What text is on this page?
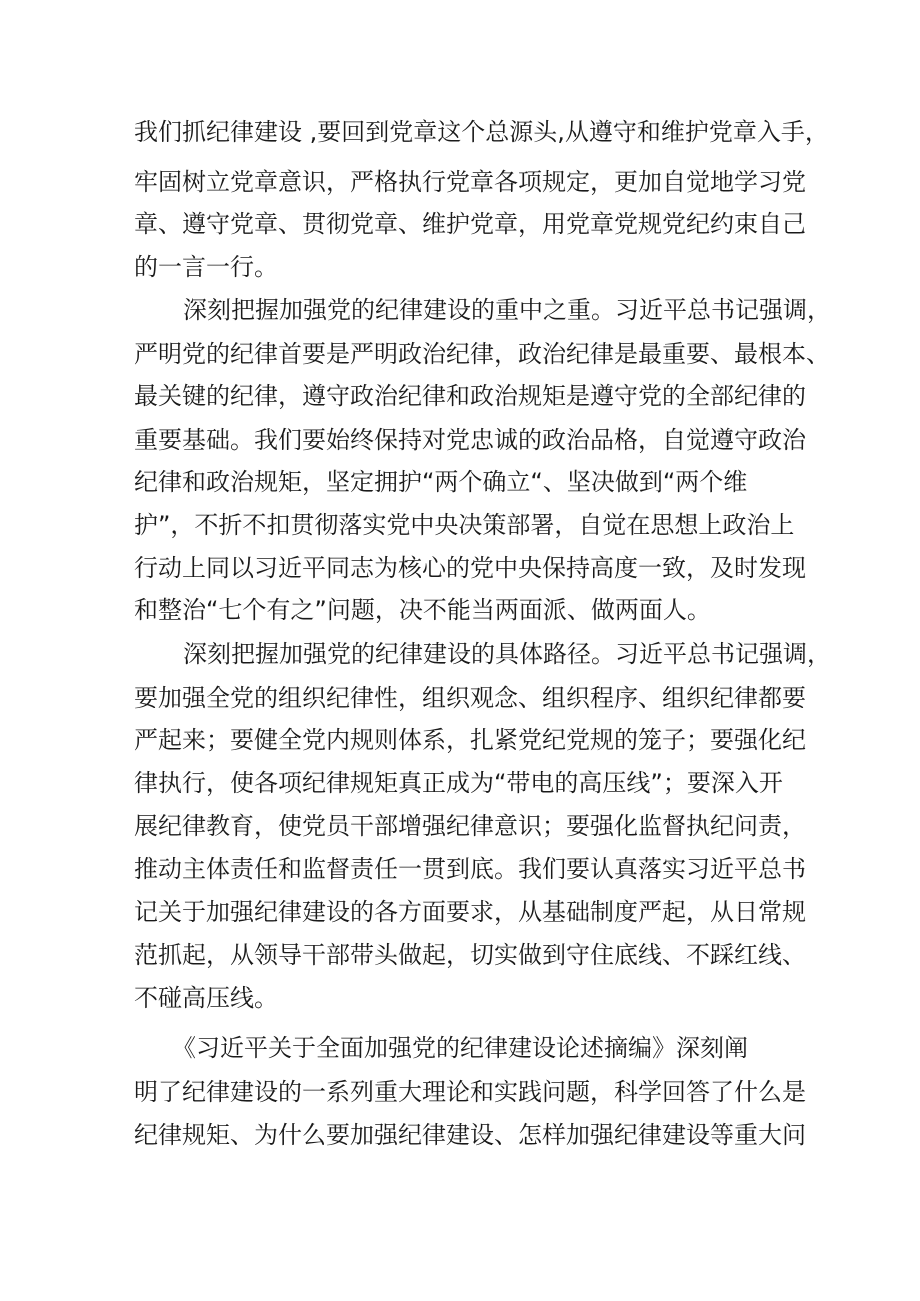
我们抓纪律建设 ,要回到党章这个总源头,从遵守和维护党章入手，

牢固树立党章意识，严格执行党章各项规定，更加自觉地学习党

章、遵守党章、贯彻党章、维护党章，用党章党规党纪约束自己

的一言一行。

深刻把握加强党的纪律建设的重中之重。习近平总书记强调，

严明党的纪律首要是严明政治纪律，政治纪律是最重要、最根本、

最关键的纪律，遵守政治纪律和政治规矩是遵守党的全部纪律的

重要基础。我们要始终保持对党忠诚的政治品格，自觉遵守政治

纪律和政治规矩，坚定拥护“两个确立“、坚决做到“两个维

护”，不折不扣贯彻落实党中央决策部署，自觉在思想上政治上

行动上同以习近平同志为核心的党中央保持高度一致，及时发现

和整治“七个有之”问题，决不能当两面派、做两面人。

深刻把握加强党的纪律建设的具体路径。习近平总书记强调，

要加强全党的组织纪律性，组织观念、组织程序、组织纪律都要

严起来；要健全党内规则体系，扎紧党纪党规的笼子；要强化纪

律执行，使各项纪律规矩真正成为“带电的高压线”；要深入开

展纪律教育，使党员干部增强纪律意识；要强化监督执纪问责，

推动主体责任和监督责任一贯到底。我们要认真落实习近平总书

记关于加强纪律建设的各方面要求，从基础制度严起，从日常规

范抓起，从领导干部带头做起，切实做到守住底线、不踩红线、

不碰高压线。

《习近平关于全面加强党的纪律建设论述摘编》深刻阐

明了纪律建设的一系列重大理论和实践问题，科学回答了什么是

纪律规矩、为什么要加强纪律建设、怎样加强纪律建设等重大问
